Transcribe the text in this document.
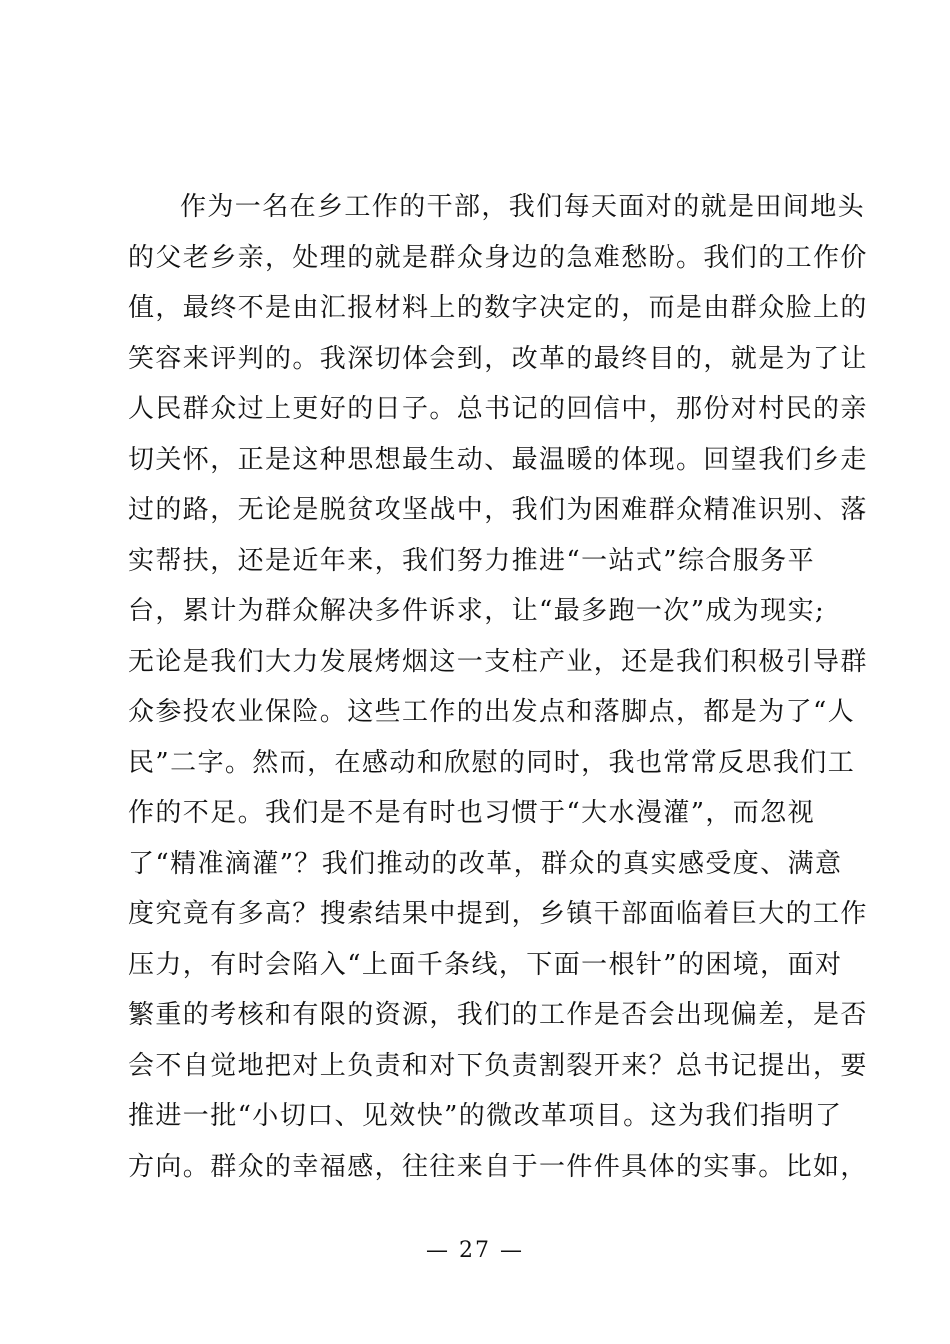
作为一名在乡工作的干部，我们每天面对的就是田间地头
的父老乡亲，处理的就是群众身边的急难愁盼。我们的工作价
值，最终不是由汇报材料上的数字决定的，而是由群众脸上的
笑容来评判的。我深切体会到，改革的最终目的，就是为了让
人民群众过上更好的日子。总书记的回信中，那份对村民的亲
切关怀，正是这种思想最生动、最温暖的体现。回望我们乡走
过的路，无论是脱贫攻坚战中，我们为困难群众精准识别、落
实帮扶，还是近年来，我们努力推进“一站式”综合服务平
台，累计为群众解决多件诉求，让“最多跑一次”成为现实;
无论是我们大力发展烤烟这一支柱产业，还是我们积极引导群
众参投农业保险。这些工作的出发点和落脚点，都是为了“人
民”二字。然而，在感动和欣慰的同时，我也常常反思我们工
作的不足。我们是不是有时也习惯于“大水漫灌”，而忽视
了“精准滴灌”？我们推动的改革，群众的真实感受度、满意
度究竟有多高？搜索结果中提到，乡镇干部面临着巨大的工作
压力，有时会陷入“上面千条线，下面一根针”的困境，面对
繁重的考核和有限的资源，我们的工作是否会出现偏差，是否
会不自觉地把对上负责和对下负责割裂开来？总书记提出，要
推进一批“小切口、见效快”的微改革项目。这为我们指明了
方向。群众的幸福感，往往来自于一件件具体的实事。比如，
— 27 —
